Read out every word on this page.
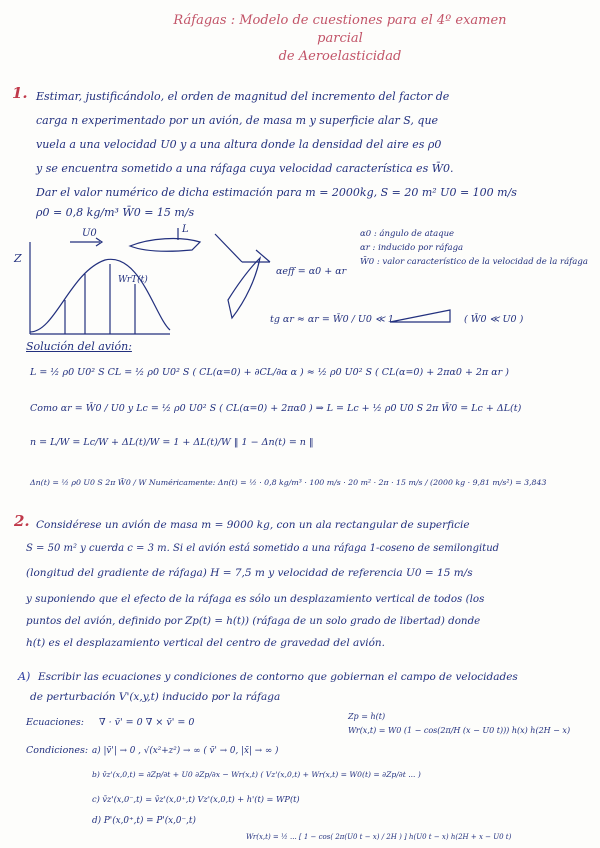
Ráfagas : Modelo de cuestiones para el 4º examen parcial
de Aeroelasticidad
1. Estimar, justificándolo, el orden de magnitud del incremento del factor de
carga n experimentado por un avión, de masa m y superficie alar S, que
vuela a una velocidad U0 y a una altura donde la densidad del aire es ρ0
y se encuentra sometido a una ráfaga cuya velocidad característica es W̄0.
Dar el valor numérico de dicha estimación para m = 2000kg, S = 20 m² U0 = 100 m/s
ρ0 = 0,8 kg/m³ W̄0 = 15 m/s
Z
U0	L
WrT(t)
αeff = α0 + αr
α0 : ángulo de ataque
αr : inducido por ráfaga
W̄0 : valor característico de la velocidad de la ráfaga
tg αr ≈ αr = W̄0 / U0 ≪ 1	( W̄0 ≪ U0 )
Solución del avión:
L = ½ ρ0 U0² S CL = ½ ρ0 U0² S ( CL(α=0) + ∂CL/∂α α ) ≈ ½ ρ0 U0² S ( CL(α=0) + 2πα0 + 2π αr )
Como αr = W̄0 / U0 y Lc = ½ ρ0 U0² S ( CL(α=0) + 2πα0 ) ⇒ L = Lc + ½ ρ0 U0 S 2π W̄0 = Lc + ΔL(t)
n = L/W = Lc/W + ΔL(t)/W = 1 + ΔL(t)/W ‖ 1 − Δn(t) = n ‖
Δn(t) = ½ ρ0 U0 S 2π W̄0 / W Numéricamente: Δn(t) = ½ · 0,8 kg/m³ · 100 m/s · 20 m² · 2π · 15 m/s / (2000 kg · 9,81 m/s²) = 3,843
2. Considérese un avión de masa m = 9000 kg, con un ala rectangular de superficie
S = 50 m² y cuerda c = 3 m. Si el avión está sometido a una ráfaga 1-coseno de semilongitud
(longitud del gradiente de ráfaga) H = 7,5 m y velocidad de referencia U0 = 15 m/s
y suponiendo que el efecto de la ráfaga es sólo un desplazamiento vertical de todos (los
puntos del avión, definido por Zp(t) = h(t)) (ráfaga de un solo grado de libertad) donde
h(t) es el desplazamiento vertical del centro de gravedad del avión.
A) Escribir las ecuaciones y condiciones de contorno que gobiernan el campo de velocidades
de perturbación V'(x,y,t) inducido por la ráfaga
Ecuaciones: ∇̄ · v̄' = 0 ∇̄ × v̄' = 0
Zp = h(t)
Wr(x,t) = W0 (1 − cos(2π/H (x − U0 t))) h(x) h(2H − x)
Condiciones: a) |v̄'| → 0 , √(x²+z²) → ∞ ( v̄' → 0, |x̄| → ∞ )
b) v̄z'(x,0,t) = ∂Zp/∂t + U0 ∂Zp/∂x − Wr(x,t) ( Vz'(x,0,t) + Wr(x,t) = W0(t) = ∂Zp/∂t ... )
c) v̄z'(x,0⁻,t) = v̄z'(x,0⁺,t) Vz'(x,0,t) + h'(t) = WP(t)
d) P'(x,0⁺,t) = P'(x,0⁻,t)
Wr(x,t) = ½ ... [ 1 − cos( 2π(U0 t − x) / 2H ) ] h(U0 t − x) h(2H + x − U0 t)
